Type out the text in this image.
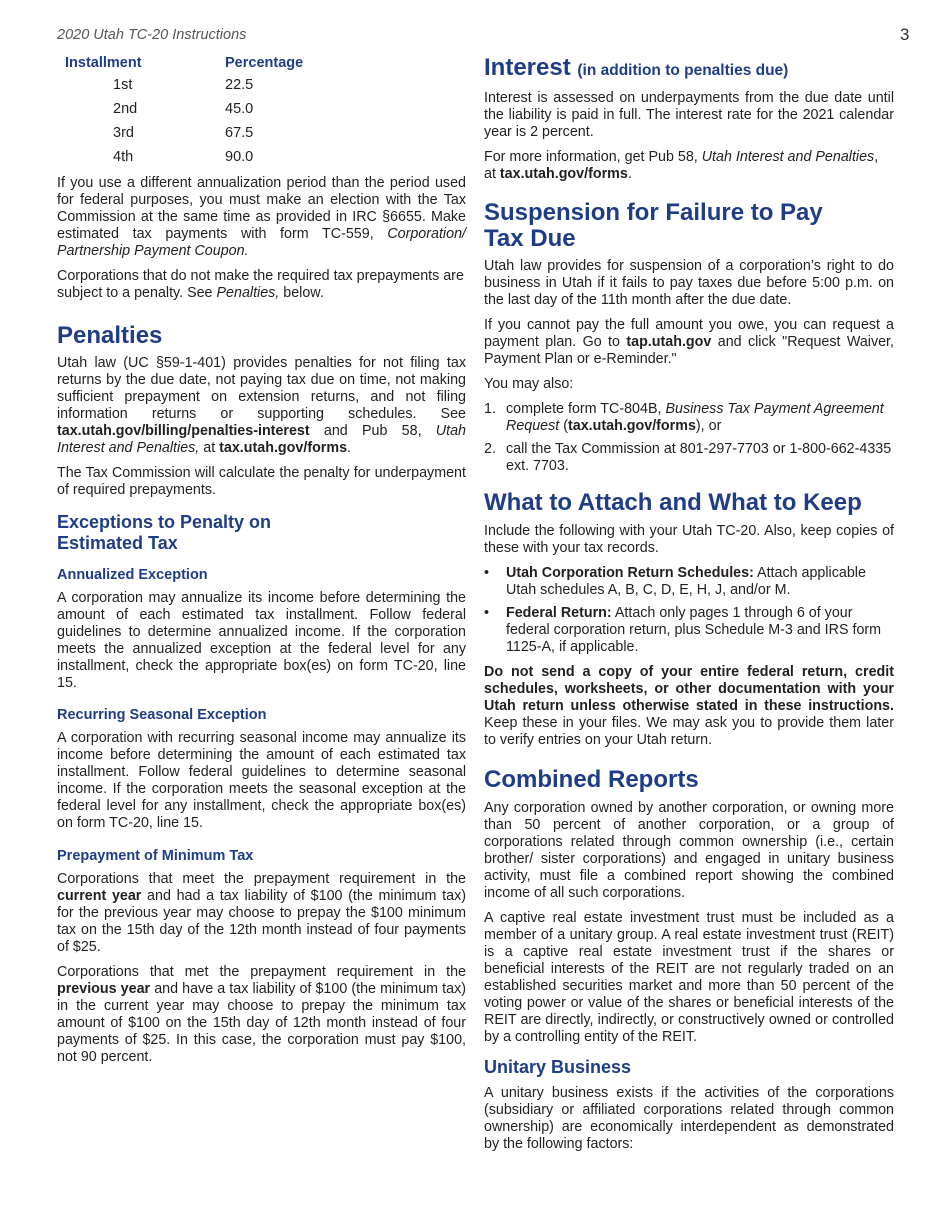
2020 Utah TC-20 Instructions	3
Installment	Percentage
1st	22.5
2nd	45.0
3rd	67.5
4th	90.0

If you use a different annualization period than the period used for federal purposes, you must make an election with the Tax Commission at the same time as provided in IRC §6655. Make estimated tax payments with form TC-559, Corporation/ Partnership Payment Coupon.

Corporations that do not make the required tax prepayments are subject to a penalty. See Penalties, below.

Penalties

Utah law (UC §59-1-401) provides penalties for not filing tax returns by the due date, not paying tax due on time, not making sufficient prepayment on extension returns, and not filing information returns or supporting schedules. See tax.utah.gov/billing/penalties-interest and Pub 58, Utah Interest and Penalties, at tax.utah.gov/forms.

The Tax Commission will calculate the penalty for underpayment of required prepayments.

Exceptions to Penalty on Estimated Tax
Annualized Exception

A corporation may annualize its income before determining the amount of each estimated tax installment. Follow federal guidelines to determine annualized income. If the corporation meets the annualized exception at the federal level for any installment, check the appropriate box(es) on form TC-20, line 15.

Recurring Seasonal Exception

A corporation with recurring seasonal income may annualize its income before determining the amount of each estimated tax installment. Follow federal guidelines to determine seasonal income. If the corporation meets the seasonal exception at the federal level for any installment, check the appropriate box(es) on form TC-20, line 15.

Prepayment of Minimum Tax

Corporations that meet the prepayment requirement in the current year and had a tax liability of $100 (the minimum tax) for the previous year may choose to prepay the $100 minimum tax on the 15th day of the 12th month instead of four payments of $25.

Corporations that met the prepayment requirement in the previous year and have a tax liability of $100 (the minimum tax) in the current year may choose to prepay the minimum tax amount of $100 on the 15th day of 12th month instead of four payments of $25. In this case, the corporation must pay $100, not 90 percent.

Interest (in addition to penalties due)

Interest is assessed on underpayments from the due date until the liability is paid in full. The interest rate for the 2021 calendar year is 2 percent.

For more information, get Pub 58, Utah Interest and Penalties, at tax.utah.gov/forms.

Suspension for Failure to Pay Tax Due

Utah law provides for suspension of a corporation’s right to do business in Utah if it fails to pay taxes due before 5:00 p.m. on the last day of the 11th month after the due date.

If you cannot pay the full amount you owe, you can request a payment plan. Go to tap.utah.gov and click "Request Waiver, Payment Plan or e-Reminder."

You may also:

1. complete form TC-804B, Business Tax Payment Agreement Request (tax.utah.gov/forms), or
2. call the Tax Commission at 801-297-7703 or 1-800-662-4335 ext. 7703.
What to Attach and What to Keep

Include the following with your Utah TC-20. Also, keep copies of these with your tax records.

• Utah Corporation Return Schedules: Attach applicable Utah schedules A, B, C, D, E, H, J, and/or M.
• Federal Return: Attach only pages 1 through 6 of your federal corporation return, plus Schedule M-3 and IRS form 1125-A, if applicable.

Do not send a copy of your entire federal return, credit schedules, worksheets, or other documentation with your Utah return unless otherwise stated in these instructions. Keep these in your files. We may ask you to provide them later to verify entries on your Utah return.

Combined Reports

Any corporation owned by another corporation, or owning more than 50 percent of another corporation, or a group of corporations related through common ownership (i.e., certain brother/ sister corporations) and engaged in unitary business activity, must file a combined report showing the combined income of all such corporations.

A captive real estate investment trust must be included as a member of a unitary group. A real estate investment trust (REIT) is a captive real estate investment trust if the shares or beneficial interests of the REIT are not regularly traded on an established securities market and more than 50 percent of the voting power or value of the shares or beneficial interests of the REIT are directly, indirectly, or constructively owned or controlled by a controlling entity of the REIT.

Unitary Business

A unitary business exists if the activities of the corporations (subsidiary or affiliated corporations related through common ownership) are economically interdependent as demonstrated by the following factors:
